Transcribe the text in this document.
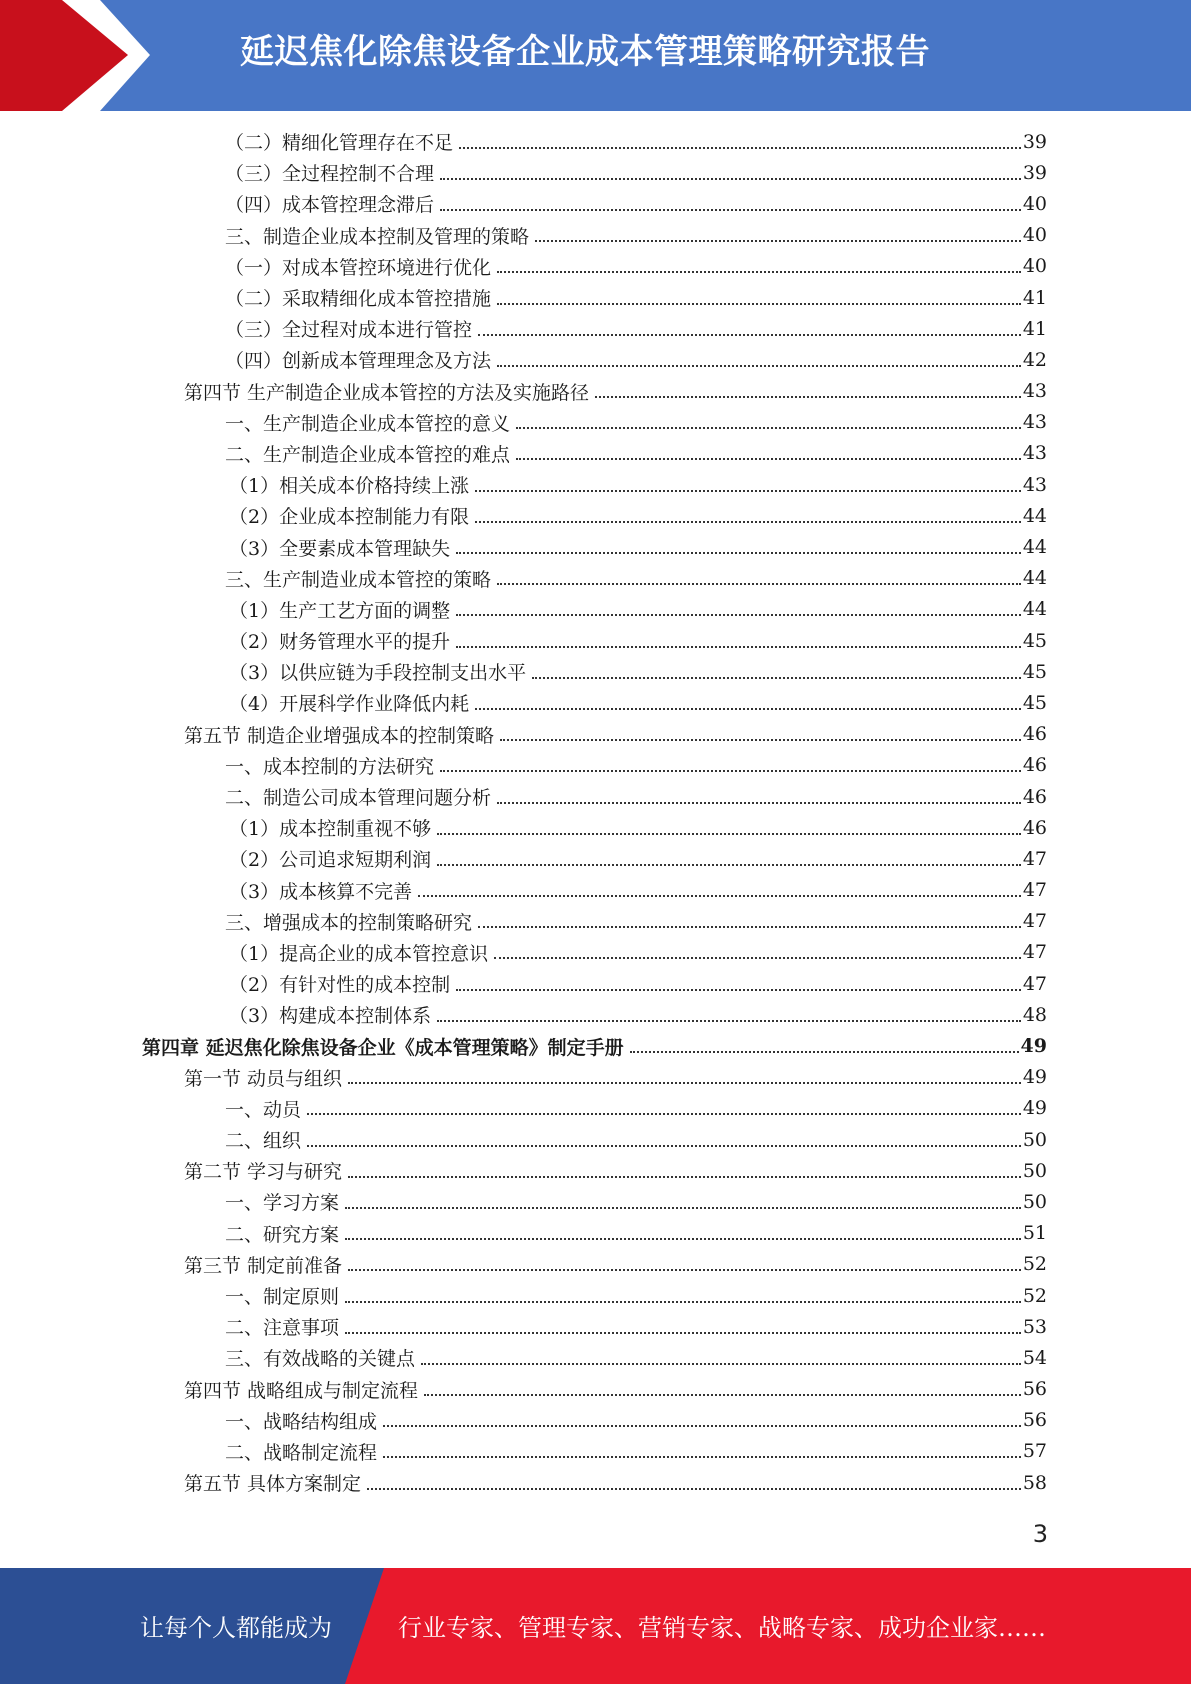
延迟焦化除焦设备企业成本管理策略研究报告
（二）精细化管理存在不足	39
（三）全过程控制不合理	39
（四）成本管控理念滞后	40
三、制造企业成本控制及管理的策略	40
（一）对成本管控环境进行优化	40
（二）采取精细化成本管控措施	41
（三）全过程对成本进行管控	41
（四）创新成本管理理念及方法	42
第四节 生产制造企业成本管控的方法及实施路径	43
一、生产制造企业成本管控的意义	43
二、生产制造企业成本管控的难点	43
（1）相关成本价格持续上涨	43
（2）企业成本控制能力有限	44
（3）全要素成本管理缺失	44
三、生产制造业成本管控的策略	44
（1）生产工艺方面的调整	44
（2）财务管理水平的提升	45
（3）以供应链为手段控制支出水平	45
（4）开展科学作业降低内耗	45
第五节 制造企业增强成本的控制策略	46
一、成本控制的方法研究	46
二、制造公司成本管理问题分析	46
（1）成本控制重视不够	46
（2）公司追求短期利润	47
（3）成本核算不完善	47
三、增强成本的控制策略研究	47
（1）提高企业的成本管控意识	47
（2）有针对性的成本控制	47
（3）构建成本控制体系	48
第四章 延迟焦化除焦设备企业《成本管理策略》制定手册	49
第一节 动员与组织	49
一、动员	49
二、组织	50
第二节 学习与研究	50
一、学习方案	50
二、研究方案	51
第三节 制定前准备	52
一、制定原则	52
二、注意事项	53
三、有效战略的关键点	54
第四节 战略组成与制定流程	56
一、战略结构组成	56
二、战略制定流程	57
第五节 具体方案制定	58
3
让每个人都能成为	行业专家、管理专家、营销专家、战略专家、成功企业家……
